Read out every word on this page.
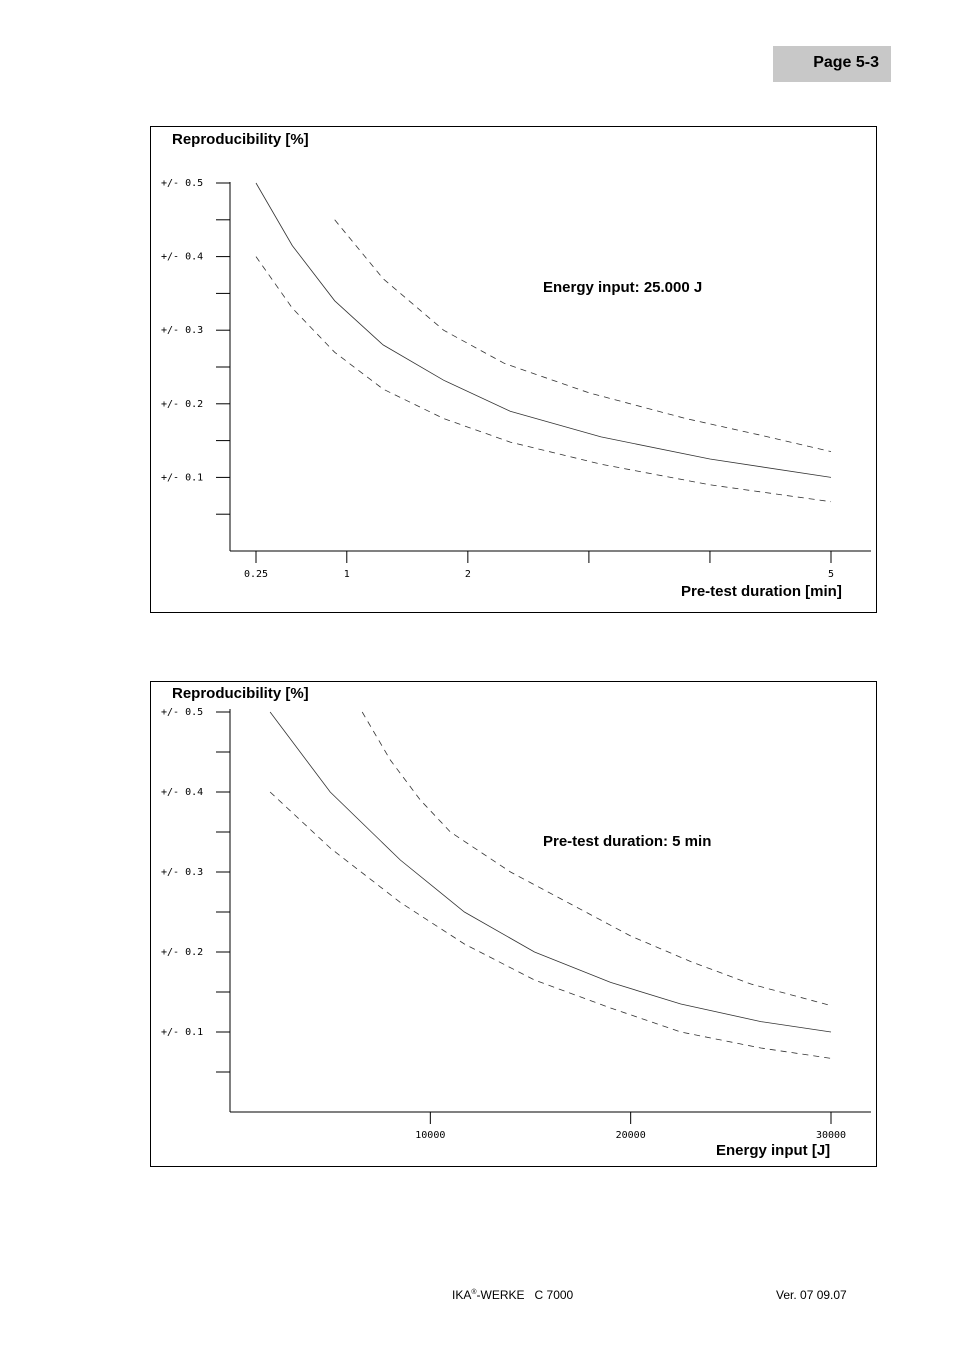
Page 5-3
+/- 0.5
+/- 0.4
+/- 0.3
+/- 0.2
+/- 0.1
0.25	1	2	5
Reproducibility [%]
Energy input: 25.000 J
Pre-test duration [min]
+/- 0.5
+/- 0.4
+/- 0.3
+/- 0.2
+/- 0.1
10000	20000	30000
Reproducibility [%]
Pre-test duration: 5 min
Energy input [J]
IKA®-WERKE   C 7000	Ver. 07 09.07
